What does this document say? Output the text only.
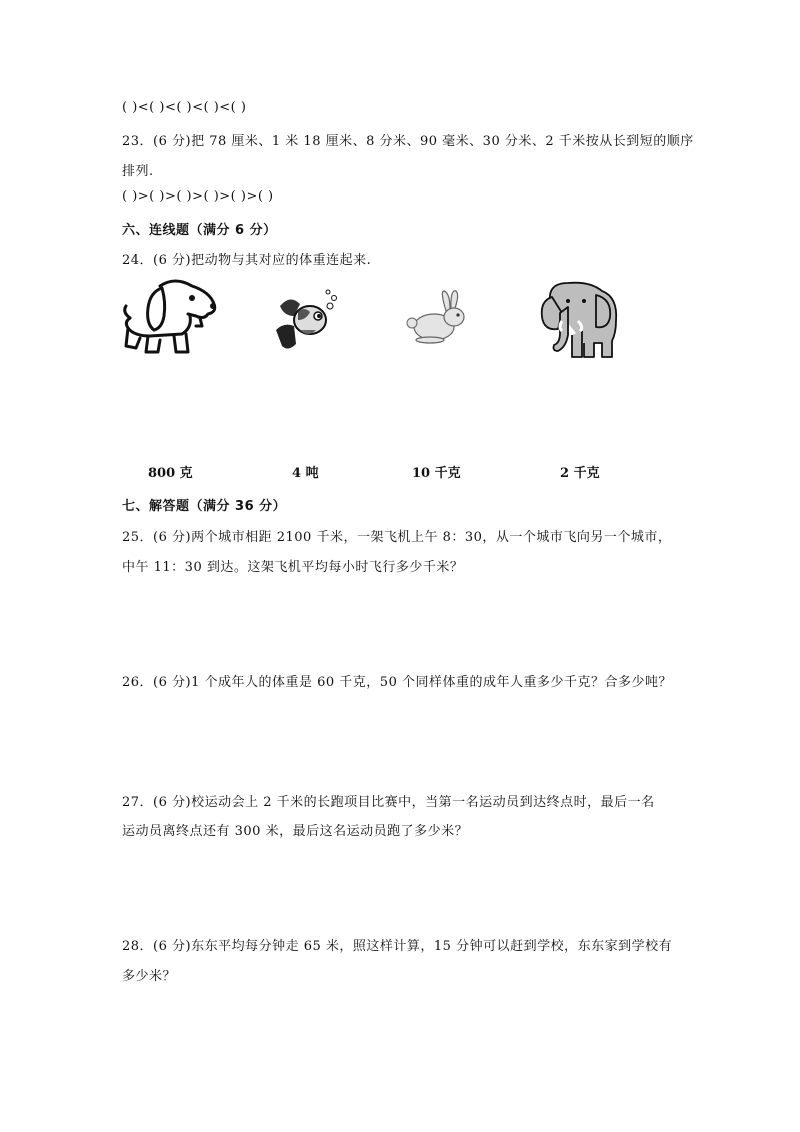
( )<( )<( )<( )<( )
23．(6 分)把 78 厘米、1 米 18 厘米、8 分米、90 毫米、30 分米、2 千米按从长到短的顺序
排列.
( )>( )>( )>( )>( )>( )
六、连线题（满分 6 分）
24．(6 分)把动物与其对应的体重连起来.
800 克	4 吨	10 千克	2 千克
七、解答题（满分 36 分）
25．(6 分)两个城市相距 2100 千米，一架飞机上午 8：30，从一个城市飞向另一个城市，
中午 11：30 到达。这架飞机平均每小时飞行多少千米？
26．(6 分)1 个成年人的体重是 60 千克，50 个同样体重的成年人重多少千克？合多少吨？
27．(6 分)校运动会上 2 千米的长跑项目比赛中，当第一名运动员到达终点时，最后一名
运动员离终点还有 300 米，最后这名运动员跑了多少米？
28．(6 分)东东平均每分钟走 65 米，照这样计算，15 分钟可以赶到学校，东东家到学校有
多少米？
